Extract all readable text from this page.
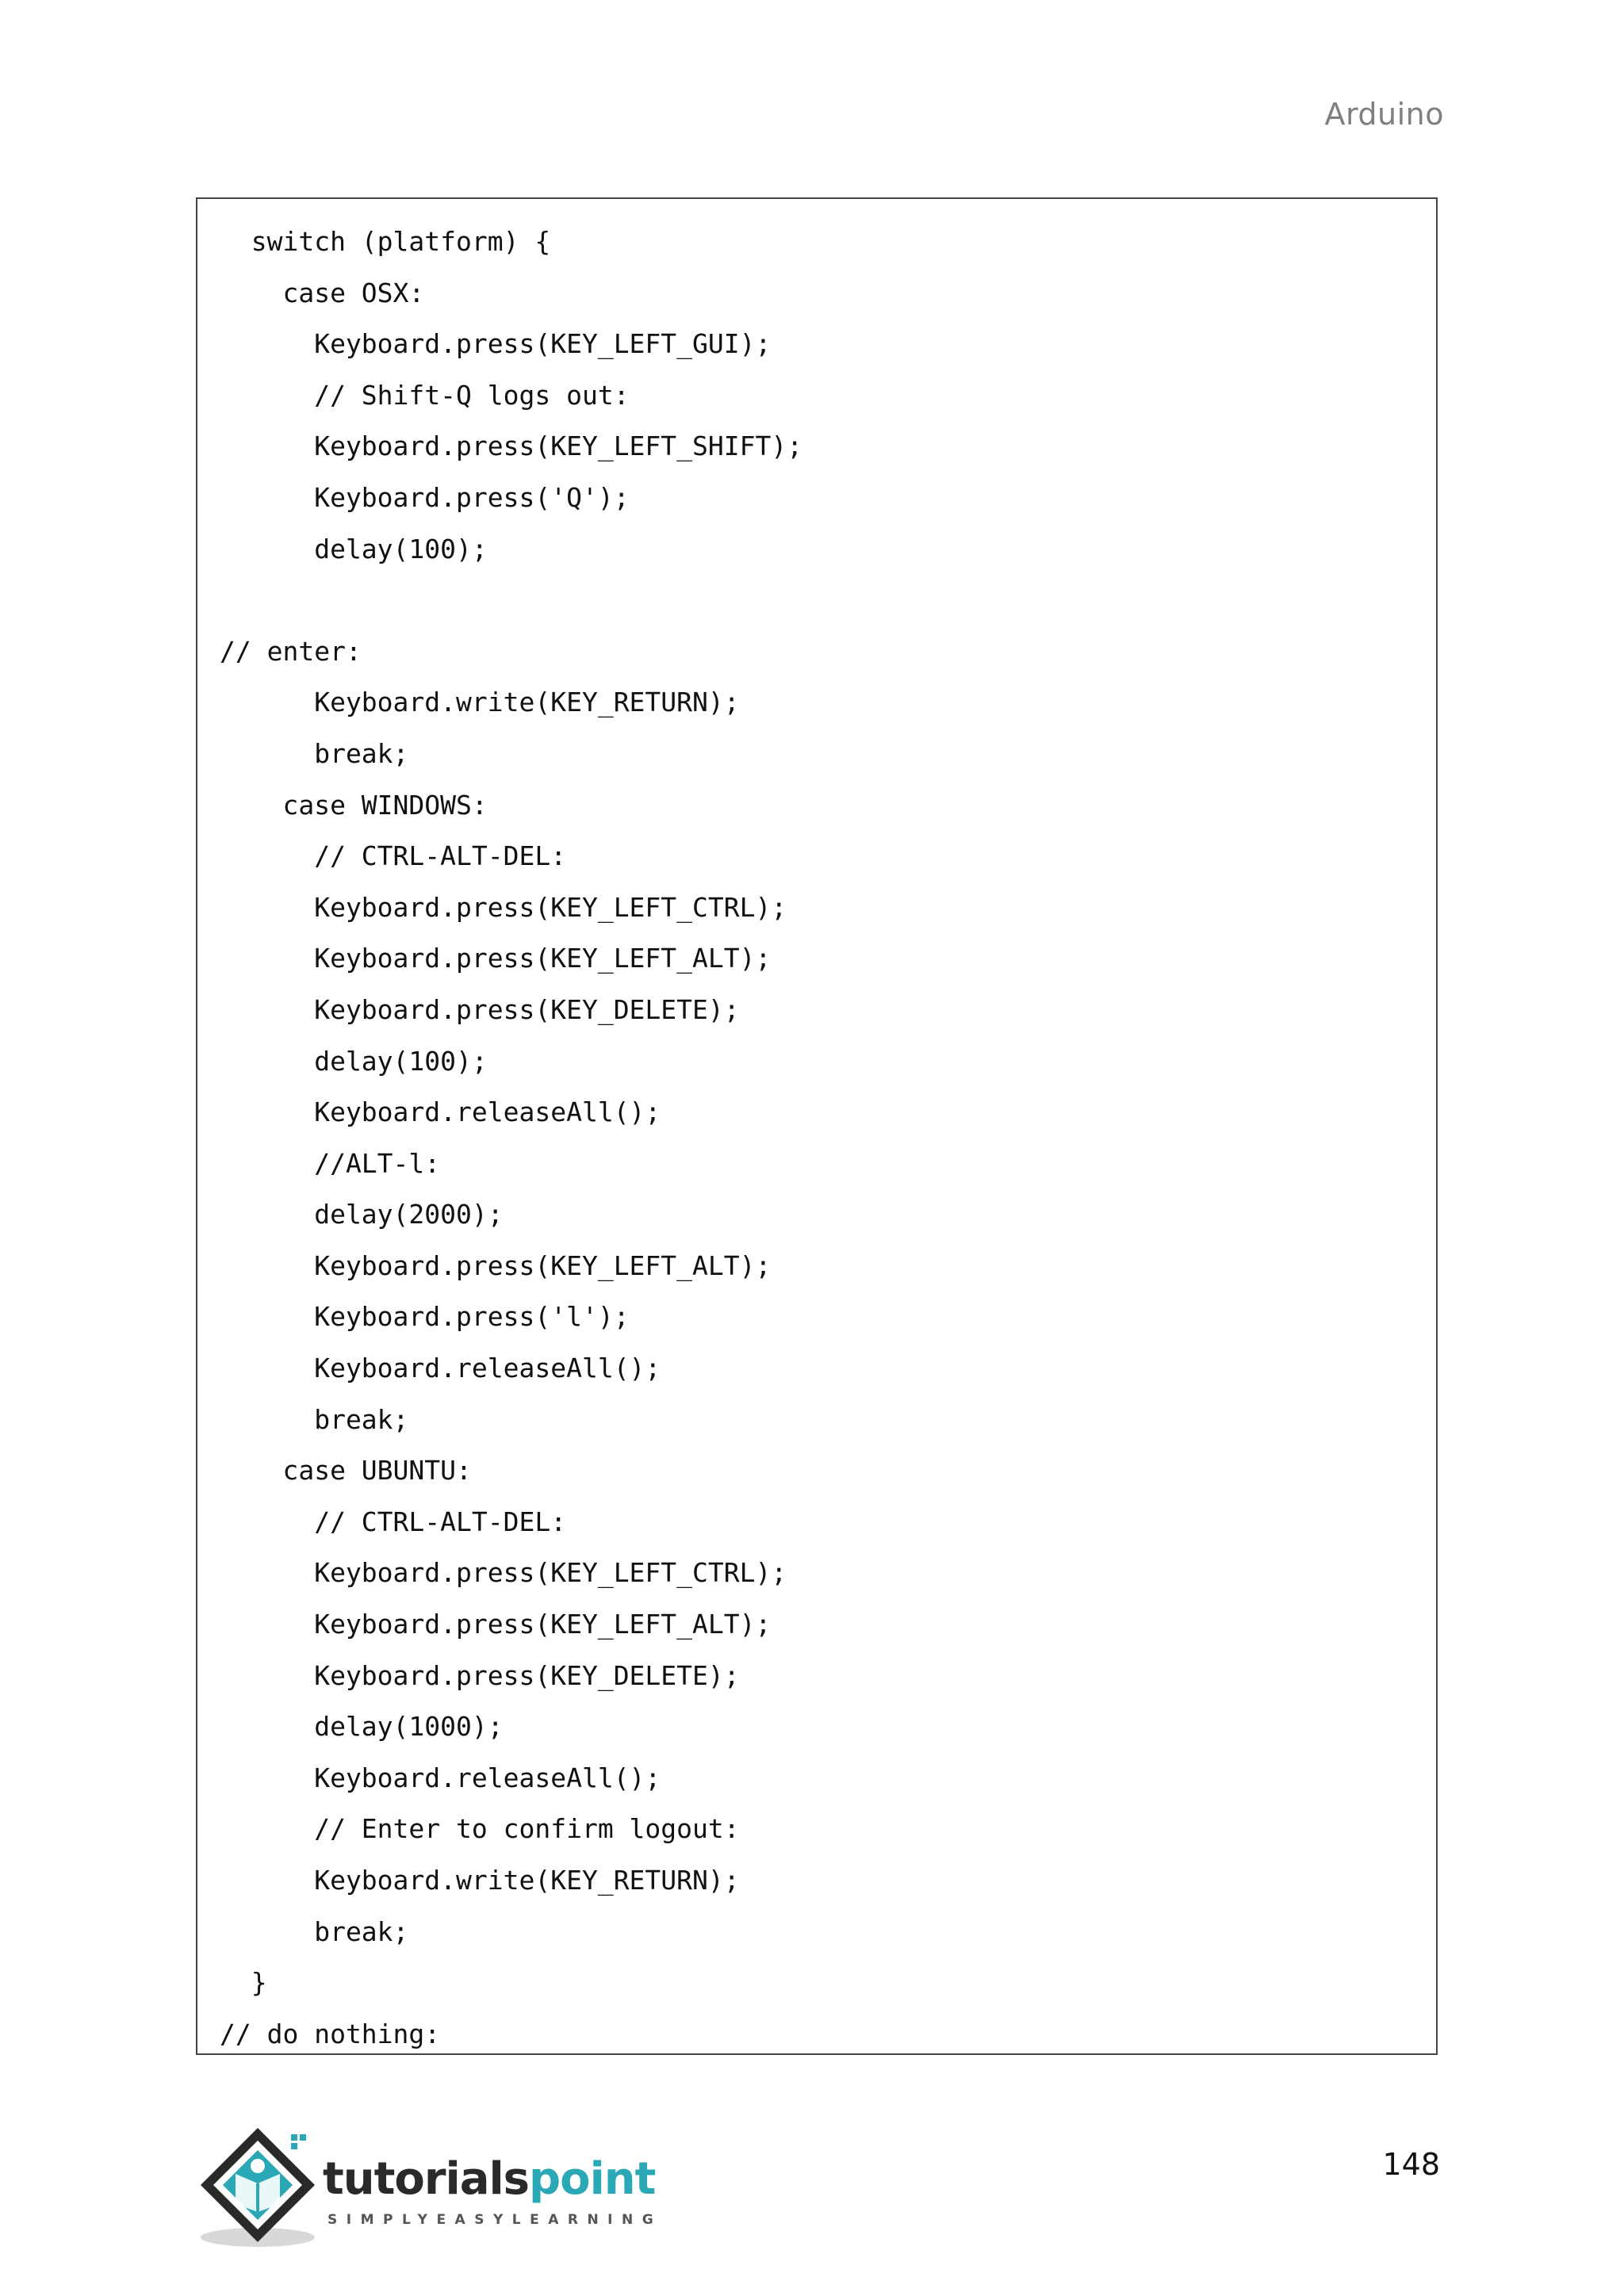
Arduino
switch (platform) {
case OSX:
Keyboard.press(KEY_LEFT_GUI);
// Shift-Q logs out:
Keyboard.press(KEY_LEFT_SHIFT);
Keyboard.press('Q');
delay(100);
// enter:
Keyboard.write(KEY_RETURN);
break;
case WINDOWS:
// CTRL-ALT-DEL:
Keyboard.press(KEY_LEFT_CTRL);
Keyboard.press(KEY_LEFT_ALT);
Keyboard.press(KEY_DELETE);
delay(100);
Keyboard.releaseAll();
//ALT-l:
delay(2000);
Keyboard.press(KEY_LEFT_ALT);
Keyboard.press('l');
Keyboard.releaseAll();
break;
case UBUNTU:
// CTRL-ALT-DEL:
Keyboard.press(KEY_LEFT_CTRL);
Keyboard.press(KEY_LEFT_ALT);
Keyboard.press(KEY_DELETE);
delay(1000);
Keyboard.releaseAll();
// Enter to confirm logout:
Keyboard.write(KEY_RETURN);
break;
}
// do nothing:
tutorialspoint
SIMPLYEASYLEARNING
148
